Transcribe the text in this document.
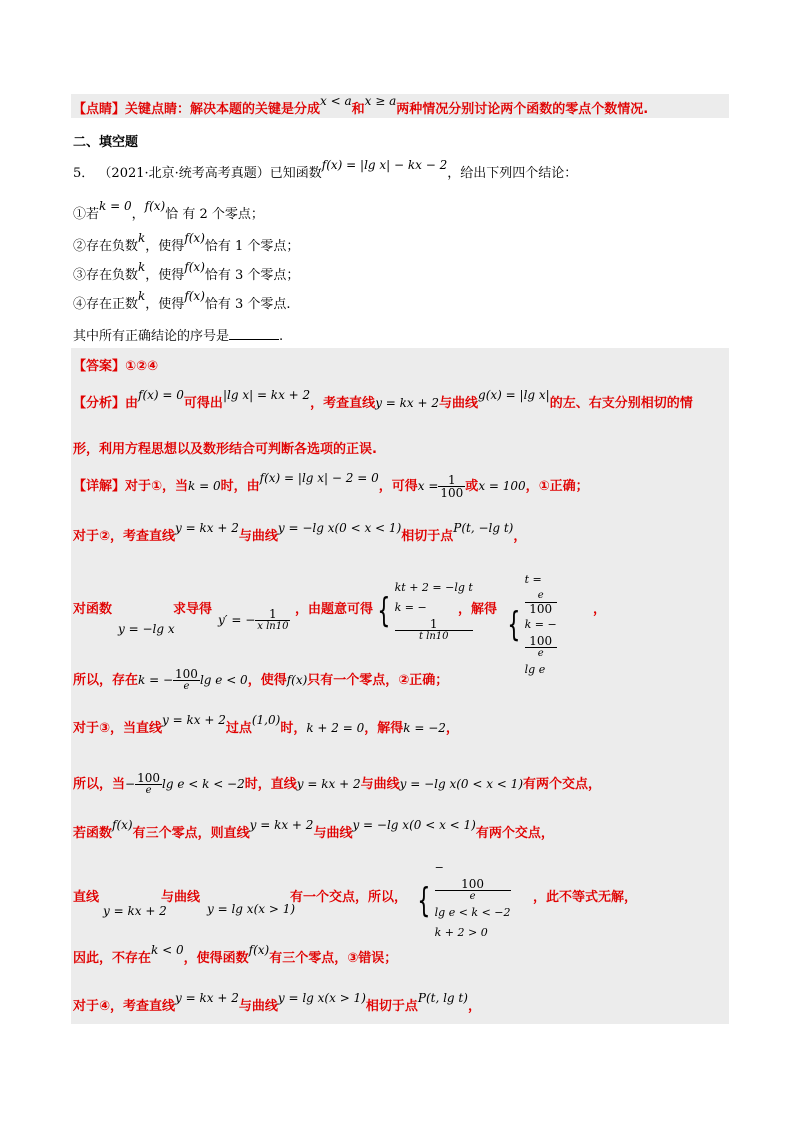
【点睛】关键点睛：解决本题的关键是分成x < a和x ≥ a两种情况分别讨论两个函数的零点个数情况.
二、填空题
5． （2021·北京·统考高考真题）已知函数f(x) = |lg x| − kx − 2，给出下列四个结论：
①若k = 0，f(x)恰 有 2 个零点；
②存在负数k，使得f(x)恰有 1 个零点；
③存在负数k，使得f(x)恰有 3 个零点；
④存在正数k，使得f(x)恰有 3 个零点.
其中所有正确结论的序号是	.
【答案】①②④
【分析】由f(x) = 0可得出|lg x| = kx + 2，考查直线y = kx + 2与曲线g(x) = |lg x|的左、右支分别相切的情
形，利用方程思想以及数形结合可判断各选项的正误.
【详解】对于①，当k = 0时，由f(x) = |lg x| − 2 = 0，可得$x = \frac{1}{100}$ 或x = 100，①正确；
对于②，考查直线y = kx + 2与曲线y = −lg x(0 < x < 1)相切于点P(t, −lg t)，
对函数
y = −lg x
求导得
y′ = − $\frac{1}{\text{x ln10}}$ ，由题意可得 {
kt + 2 = −lg t
k = −
1
t ln10
，解得 {
t =
e
100
k = −
100
e
lg e
，
所以，存在k = − $\frac{100}{e}$ lg e < 0，使得f(x)只有一个零点，②正确；
对于③，当直线y = kx + 2过点(1,0)时，k + 2 = 0，解得k = −2，
所以，当− $\frac{100}{e}$ lg e < k < −2时，直线y = kx + 2与曲线y = −lg x(0 < x < 1)有两个交点，
若函数f(x)有三个零点，则直线y = kx + 2与曲线y = −lg x(0 < x < 1)有两个交点，
直线
y = kx + 2
与曲线
y = lg x(x > 1)
有一个交点，所以， {
−
100
e
lg e < k < −2
k + 2 > 0
，此不等式无解，
因此，不存在k < 0，使得函数f(x)有三个零点，③错误；
对于④，考查直线y = kx + 2与曲线y = lg x(x > 1)相切于点P(t, lg t)，
